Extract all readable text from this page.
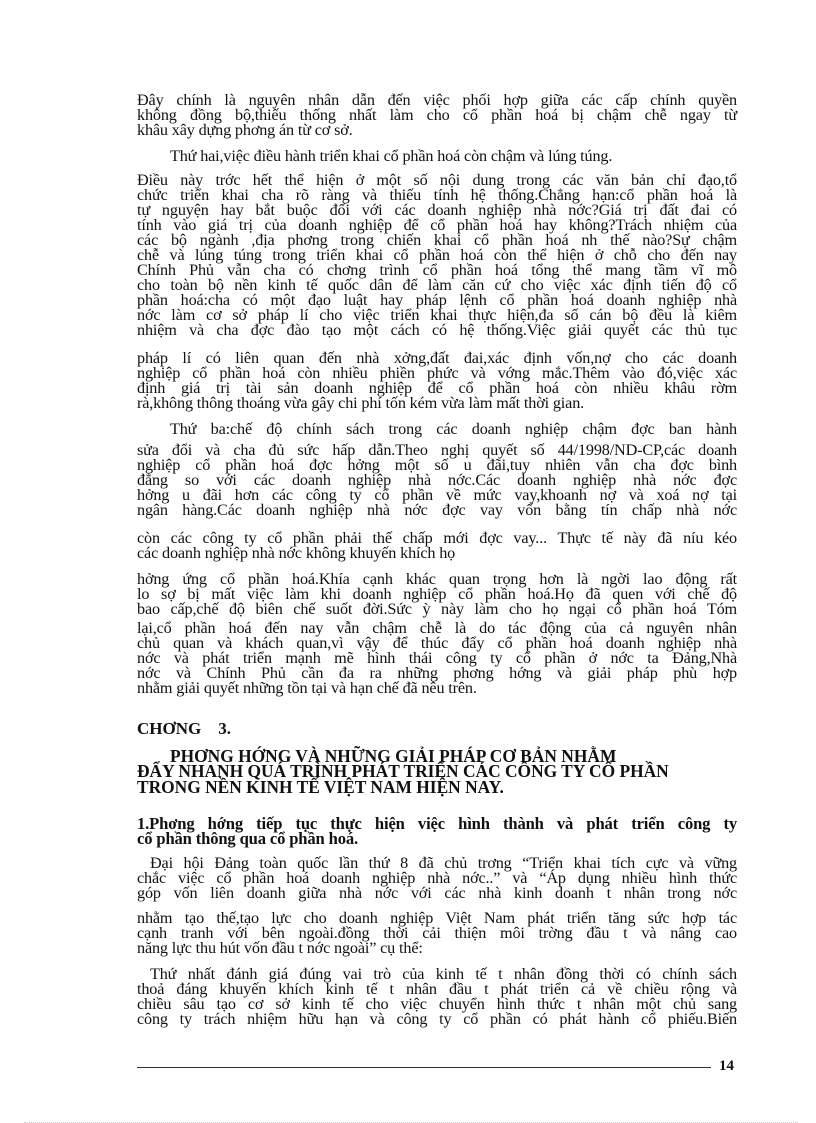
Đây chính là nguyên nhân dẫn đến việc phối hợp giữa các cấp chính quyền
không đồng bộ,thiếu thống nhất làm cho cổ phần hoá bị chậm chễ ngay từ
khâu xây dựng phơng án từ cơ sở.
Thứ hai,việc điều hành triển khai cổ phần hoá còn chậm và lúng túng.
Điều này trớc hết thể hiện ở một số nội dung trong các văn bản chỉ đạo,tổ
chức triển khai cha rõ ràng và thiếu tính hệ thống.Chẳng hạn:cổ phần hoá là
tự nguyện hay bắt buộc đối với các doanh nghiệp nhà nớc?Giá trị đất đai có
tính vào giá trị của doanh nghiệp để cổ phần hoá hay không?Trách nhiệm của
các bộ ngành ,địa phơng trong chiến khai cổ phần hoá nh thế nào?Sự chậm
chễ và lúng túng trong triển khai cổ phần hoá còn thể hiện ở chỗ cho đến nay
Chính Phủ vẫn cha có chơng trình cổ phần hoá tổng thể mang tầm vĩ mô
cho toàn bộ nền kinh tế quốc dân để làm căn cứ cho việc xác định tiến độ cổ
phần hoá:cha có một đạo luật hay pháp lệnh cổ phần hoá doanh nghiệp nhà
nớc làm cơ sở pháp lí cho việc triển khai thực hiện,đa số cán bộ đều là kiêm
nhiệm và cha đợc đào tạo một cách có hệ thống.Việc giải quyết các thủ tục
pháp lí có liên quan đến nhà xởng,đất đai,xác định vốn,nợ cho các doanh
nghiệp cổ phần hoá còn nhiều phiền phức và vớng mắc.Thêm vào đó,việc xác
định giá trị tài sản doanh nghiệp để cổ phần hoá còn nhiều khâu rờm
rà,không thông thoáng vừa gây chi phí tốn kém vừa làm mất thời gian.
Thứ ba:chế độ chính sách trong các doanh nghiệp chậm đợc ban hành
sửa đổi và cha đủ sức hấp dẫn.Theo nghị quyết số 44/1998/ND-CP,các doanh
nghiệp cổ phần hoá đợc hởng một số u đãi,tuy nhiên vẫn cha đợc bình
đẳng so với các doanh nghiệp nhà nớc.Các doanh nghiệp nhà nớc đợc
hởng u đãi hơn các công ty cổ phần về mức vay,khoanh nợ và xoá nợ tại
ngân hàng.Các doanh nghiệp nhà nớc đợc vay vốn bằng tín chấp nhà nớc
còn các công ty cổ phần phải thế chấp mới đợc vay... Thực tế này đã níu kéo
các doanh nghiệp nhà nớc không khuyến khích họ
hởng ứng cổ phần hoá.Khía cạnh khác quan trọng hơn là ngời lao động rất
lo sợ bị mất việc làm khi doanh nghiệp cổ phần hoá.Họ đã quen với chế độ
bao cấp,chế độ biên chế suốt đời.Sức ỳ này làm cho họ ngại cổ phần hoá Tóm
lại,cổ phần hoá đến nay vẫn chậm chễ là do tác động của cả nguyên nhân
chủ quan và khách quan,vì vậy để thúc đẩy cổ phần hoá doanh nghiệp nhà
nớc và phát triển mạnh mẽ hình thái công ty cổ phần ở nớc ta Đảng,Nhà
nớc và Chính Phủ cần đa ra những phơng hớng và giải pháp phù hợp
nhằm giải quyết những tồn tại và hạn chế đã nêu trên.
CHƠNG    3.
PHƠNG HỚNG VÀ NHỮNG GIẢI PHÁP CƠ BẢN NHẰM
ĐẨY NHANH QUÁ TRÌNH PHÁT TRIỂN CÁC CÔNG TY CỔ PHẦN
TRONG NỀN KINH TẾ VIỆT NAM HIỆN NAY.
1.Phơng hớng tiếp tục thực hiện việc hình thành và phát triển công ty
cổ phần thông qua cổ phần hoá.
Đại hội Đảng toàn quốc lần thứ 8 đã chủ trơng “Triển khai tích cực và vững
chắc việc cổ phần hoá doanh nghiệp nhà nớc..” và “Áp dụng nhiều hình thức
góp vốn liên doanh giữa nhà nớc với các nhà kinh doanh t nhân trong nớc
nhằm tạo thế,tạo lực cho doanh nghiệp Việt Nam phát triển tăng sức hợp tác
cạnh tranh với bên ngoài.đồng thời cải thiện môi trờng đầu t và nâng cao
năng lực thu hút vốn đầu t nớc ngoài” cụ thể:
Thứ nhất đánh giá đúng vai trò của kinh tế t nhân đồng thời có chính sách
thoả đáng khuyến khích kinh tế t nhân đầu t phát triển cả về chiều rộng và
chiều sâu tạo cơ sở kinh tế cho việc chuyển hình thức t nhân một chủ sang
công ty trách nhiệm hữu hạn và công ty cổ phần có phát hành cổ phiếu.Biến
14
